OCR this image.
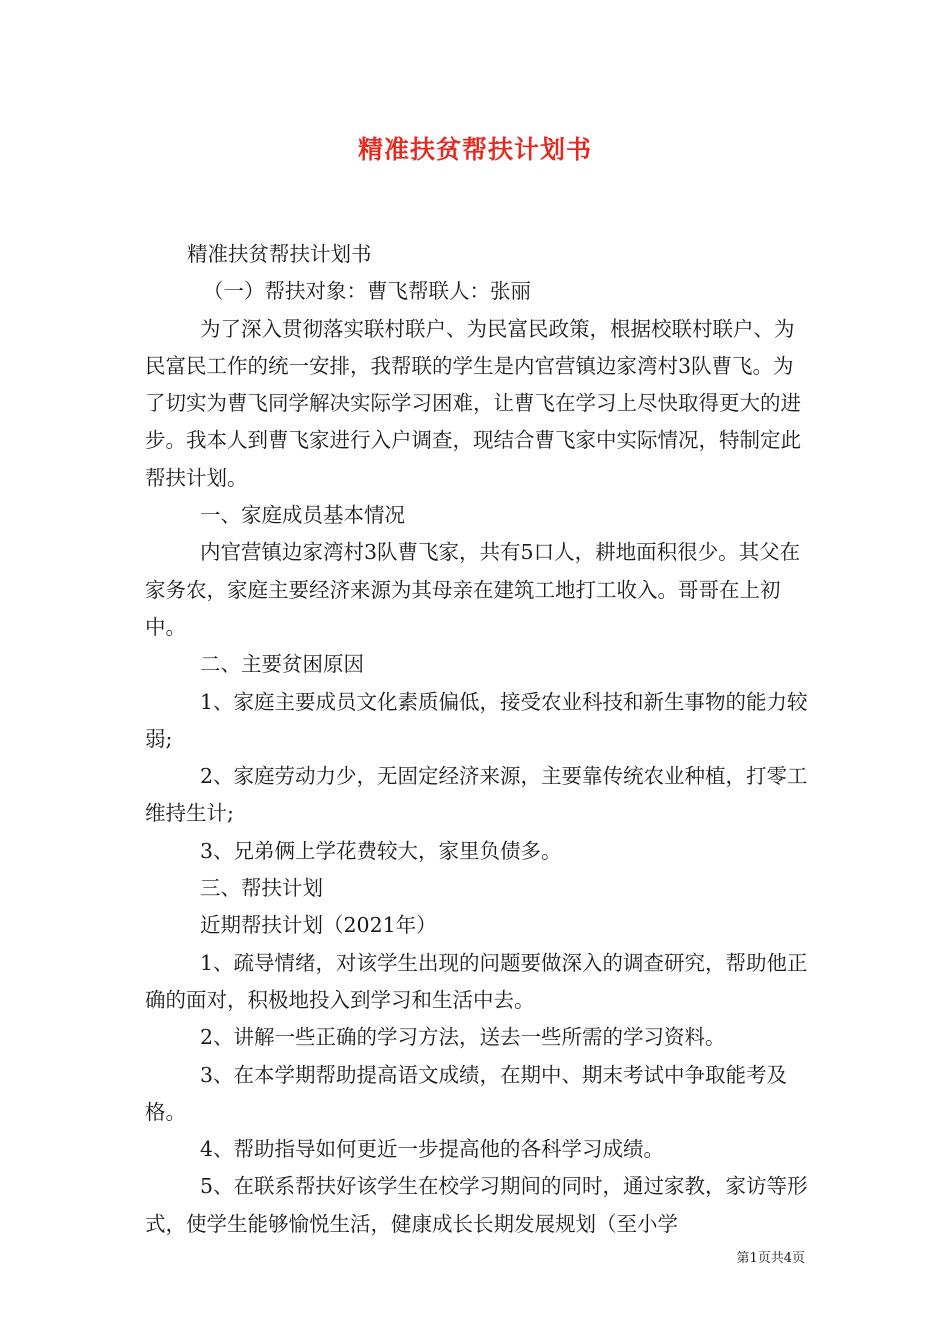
精准扶贫帮扶计划书

精准扶贫帮扶计划书

（一）帮扶对象：曹飞帮联人：张丽

为了深入贯彻落实联村联户、为民富民政策，根据校联村联户、为民富民工作的统一安排，我帮联的学生是内官营镇边家湾村3队曹飞。为了切实为曹飞同学解决实际学习困难，让曹飞在学习上尽快取得更大的进步。我本人到曹飞家进行入户调查，现结合曹飞家中实际情况，特制定此帮扶计划。

一、家庭成员基本情况

内官营镇边家湾村3队曹飞家，共有5口人，耕地面积很少。其父在家务农，家庭主要经济来源为其母亲在建筑工地打工收入。哥哥在上初中。

二、主要贫困原因

1、家庭主要成员文化素质偏低，接受农业科技和新生事物的能力较弱;

2、家庭劳动力少，无固定经济来源，主要靠传统农业种植，打零工维持生计;

3、兄弟俩上学花费较大，家里负债多。

三、帮扶计划

近期帮扶计划（2021年）

1、疏导情绪，对该学生出现的问题要做深入的调查研究，帮助他正确的面对，积极地投入到学习和生活中去。

2、讲解一些正确的学习方法，送去一些所需的学习资料。

3、在本学期帮助提高语文成绩，在期中、期末考试中争取能考及格。

4、帮助指导如何更近一步提高他的各科学习成绩。

5、在联系帮扶好该学生在校学习期间的同时，通过家教，家访等形式，使学生能够愉悦生活，健康成长长期发展规划（至小学

第1页共4页
